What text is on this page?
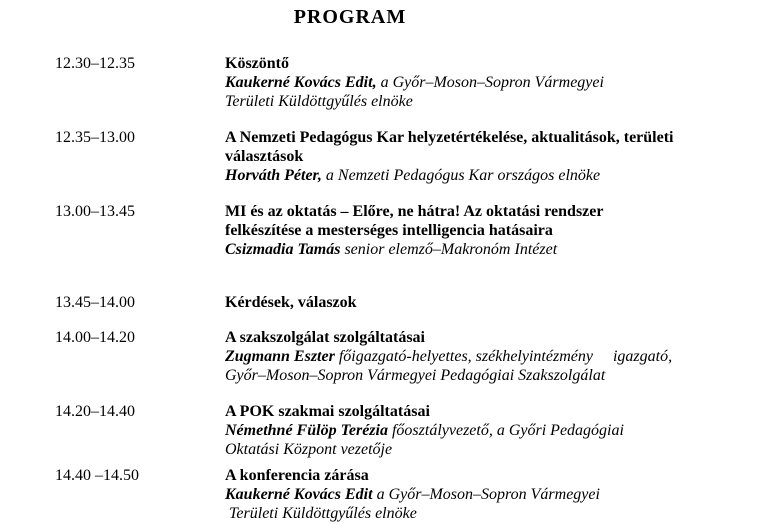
PROGRAM
12.30–12.35	Köszöntő
Kaukerné Kovács Edit, a Győr–Moson–Sopron Vármegyei
Területi Küldöttgyűlés elnöke
12.35–13.00	A Nemzeti Pedagógus Kar helyzetértékelése, aktualitások, területi
választások
Horváth Péter, a Nemzeti Pedagógus Kar országos elnöke
13.00–13.45	MI és az oktatás – Előre, ne hátra! Az oktatási rendszer
felkészítése a mesterséges intelligencia hatásaira
Csizmadia Tamás senior elemző–Makronóm Intézet
13.45–14.00	Kérdések, válaszok
14.00–14.20	A szakszolgálat szolgáltatásai
Zugmann Eszter főigazgató-helyettes, székhelyintézmény     igazgató,
Győr–Moson–Sopron Vármegyei Pedagógiai Szakszolgálat
14.20–14.40	A POK szakmai szolgáltatásai
Némethné Fülöp Terézia főosztályvezető, a Győri Pedagógiai
Oktatási Központ vezetője
14.40 –14.50	A konferencia zárása
Kaukerné Kovács Edit a Győr–Moson–Sopron Vármegyei
Területi Küldöttgyűlés elnöke
